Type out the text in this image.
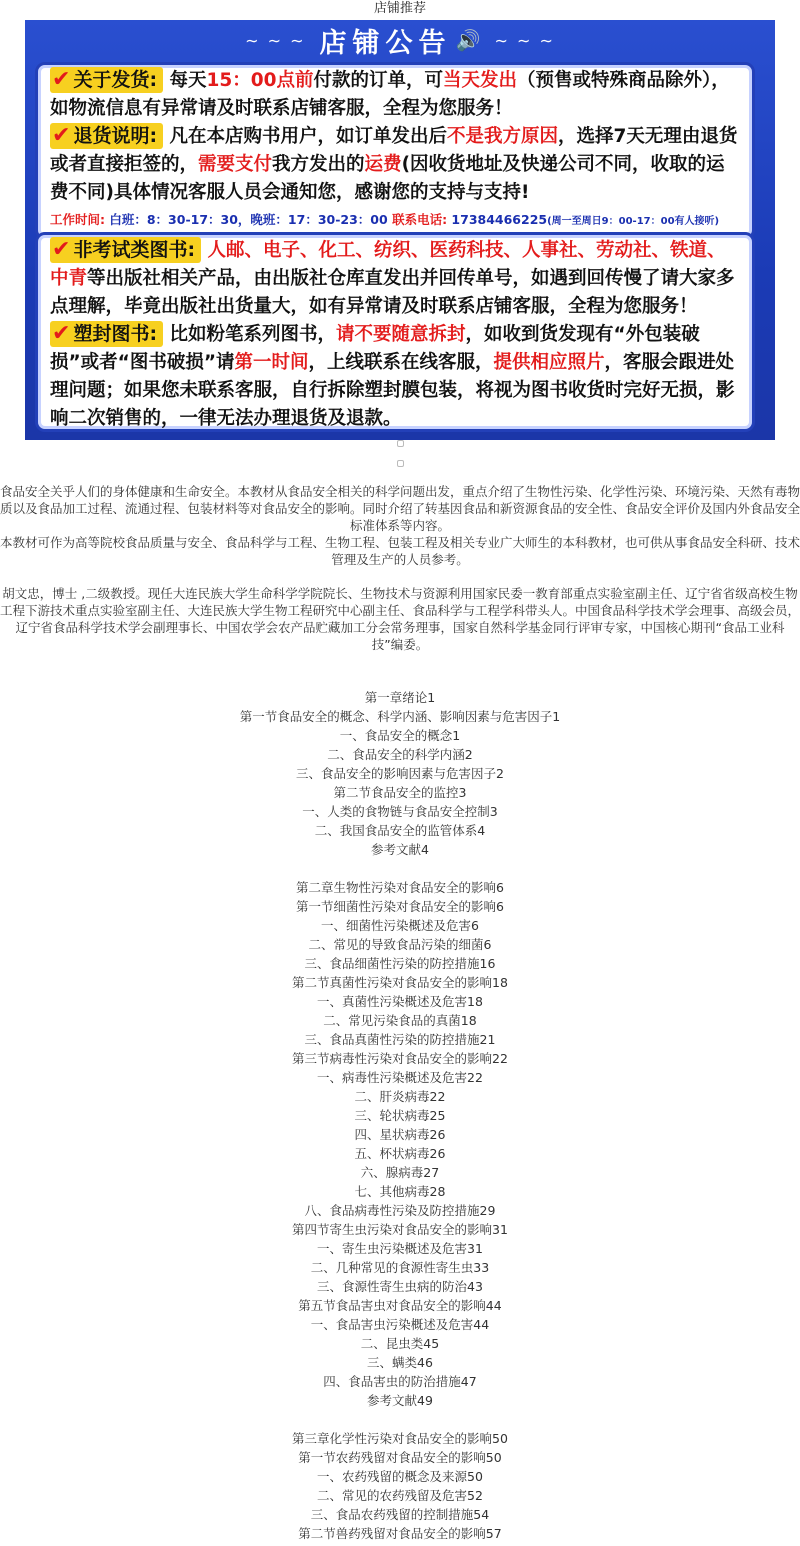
店铺推荐
∼ ∼ ∼ 店铺公告 🔊 ∼ ∼ ∼

✔ 关于发货: 每天15：00点前付款的订单，可当天发出（预售或特殊商品除外），如物流信息有异常请及时联系店铺客服，全程为您服务！

✔ 退货说明: 凡在本店购书用户，如订单发出后不是我方原因，选择7天无理由退货或者直接拒签的，需要支付我方发出的运费(因收货地址及快递公司不同，收取的运费不同)具体情况客服人员会通知您，感谢您的支持与支持!

工作时间: 白班：8：30-17：30，晚班：17：30-23：00 联系电话: 17384466225(周一至周日9：00-17：00有人接听)

✔ 非考试类图书: 人邮、电子、化工、纺织、医药科技、人事社、劳动社、铁道、中青等出版社相关产品，由出版社仓库直发出并回传单号，如遇到回传慢了请大家多点理解，毕竟出版社出货量大，如有异常请及时联系店铺客服，全程为您服务！

✔ 塑封图书: 比如粉笔系列图书，请不要随意拆封，如收到货发现有“外包装破损”或者“图书破损”请第一时间，上线联系在线客服，提供相应照片，客服会跟进处理问题；如果您未联系客服，自行拆除塑封膜包装，将视为图书收货时完好无损，影响二次销售的，一律无法办理退货及退款。

食品安全关乎人们的身体健康和生命安全。本教材从食品安全相关的科学问题出发，重点介绍了生物性污染、化学性污染、环境污染、天然有毒物质以及食品加工过程、流通过程、包装材料等对食品安全的影响。同时介绍了转基因食品和新资源食品的安全性、食品安全评价及国内外食品安全标准体系等内容。

本教材可作为高等院校食品质量与安全、食品科学与工程、生物工程、包装工程及相关专业广大师生的本科教材，也可供从事食品安全科研、技术管理及生产的人员参考。

胡文忠，博士 ,二级教授。现任大连民族大学生命科学学院院长、生物技术与资源利用国家民委一教育部重点实验室副主任、辽宁省省级高校生物工程下游技术重点实验室副主任、大连民族大学生物工程研究中心副主任、食品科学与工程学科带头人。中国食品科学技术学会理事、高级会员，辽宁省食品科学技术学会副理事长、中国农学会农产品贮藏加工分会常务理事，国家自然科学基金同行评审专家，中国核心期刊“食品工业科技”编委。

第一章绪论1
第一节食品安全的概念、科学内涵、影响因素与危害因子1
一、食品安全的概念1
二、食品安全的科学内涵2
三、食品安全的影响因素与危害因子2
第二节食品安全的监控3
一、人类的食物链与食品安全控制3
二、我国食品安全的监管体系4
参考文献4
第二章生物性污染对食品安全的影响6
第一节细菌性污染对食品安全的影响6
一、细菌性污染概述及危害6
二、常见的导致食品污染的细菌6
三、食品细菌性污染的防控措施16
第二节真菌性污染对食品安全的影响18
一、真菌性污染概述及危害18
二、常见污染食品的真菌18
三、食品真菌性污染的防控措施21
第三节病毒性污染对食品安全的影响22
一、病毒性污染概述及危害22
二、肝炎病毒22
三、轮状病毒25
四、星状病毒26
五、杯状病毒26
六、腺病毒27
七、其他病毒28
八、食品病毒性污染及防控措施29
第四节寄生虫污染对食品安全的影响31
一、寄生虫污染概述及危害31
二、几种常见的食源性寄生虫33
三、食源性寄生虫病的防治43
第五节食品害虫对食品安全的影响44
一、食品害虫污染概述及危害44
二、昆虫类45
三、螨类46
四、食品害虫的防治措施47
参考文献49
第三章化学性污染对食品安全的影响50
第一节农药残留对食品安全的影响50
一、农药残留的概念及来源50
二、常见的农药残留及危害52
三、食品农药残留的控制措施54
第二节兽药残留对食品安全的影响57
